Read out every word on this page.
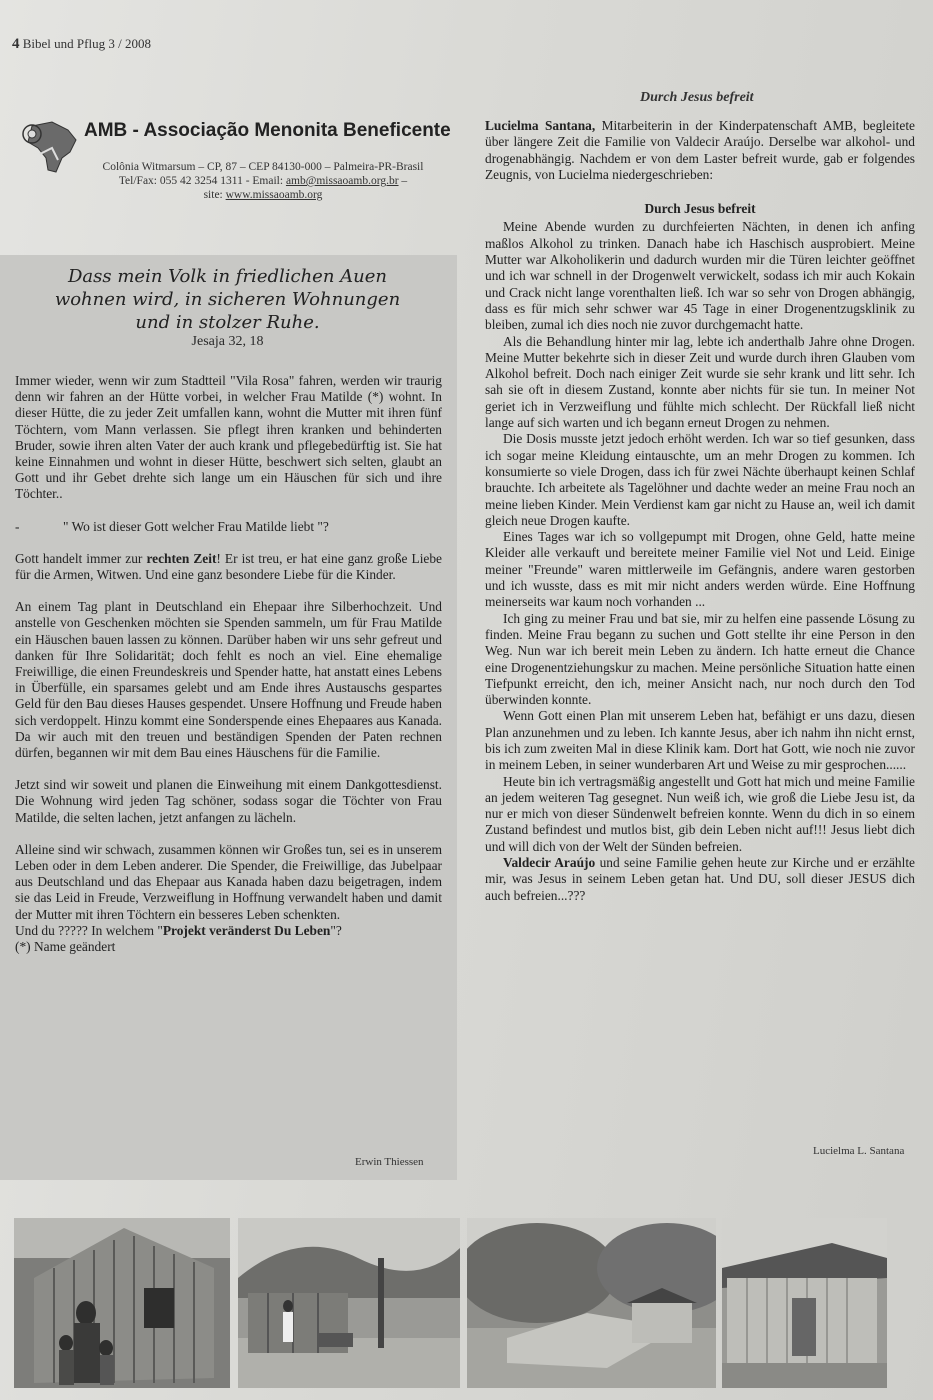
4 Bibel und Pflug 3 / 2008
AMB - Associação Menonita Beneficente
Colônia Witmarsum – CP, 87 – CEP 84130-000 – Palmeira-PR-Brasil
Tel/Fax: 055 42 3254 1311 - Email: amb@missaoamb.org.br –
site: www.missaoamb.org
Dass mein Volk in friedlichen Auen
wohnen wird, in sicheren Wohnungen
und in stolzer Ruhe.
Jesaja 32, 18

Immer wieder, wenn wir zum Stadtteil "Vila Rosa" fahren, werden wir traurig denn wir fahren an der Hütte vorbei, in welcher Frau Matilde (*) wohnt. In dieser Hütte, die zu jeder Zeit umfallen kann, wohnt die Mutter mit ihren fünf Töchtern, vom Mann verlassen. Sie pflegt ihren kranken und behinderten Bruder, sowie ihren alten Vater der auch krank und pflegebedürftig ist. Sie hat keine Einnahmen und wohnt in dieser Hütte, beschwert sich selten, glaubt an Gott und ihr Gebet drehte sich lange um ein Häuschen für sich und ihre Töchter..

-	" Wo ist dieser Gott welcher Frau Matilde liebt "?

Gott handelt immer zur rechten Zeit! Er ist treu, er hat eine ganz große Liebe für die Armen, Witwen. Und eine ganz besondere Liebe für die Kinder.

An einem Tag plant in Deutschland ein Ehepaar ihre Silberhochzeit. Und anstelle von Geschenken möchten sie Spenden sammeln, um für Frau Matilde ein Häuschen bauen lassen zu können. Darüber haben wir uns sehr gefreut und danken für Ihre Solidarität; doch fehlt es noch an viel. Eine ehemalige Freiwillige, die einen Freundeskreis und Spender hatte, hat anstatt eines Lebens in Überfülle, ein sparsames gelebt und am Ende ihres Austauschs gespartes Geld für den Bau dieses Hauses gespendet. Unsere Hoffnung und Freude haben sich verdoppelt. Hinzu kommt eine Sonderspende eines Ehepaares aus Kanada. Da wir auch mit den treuen und beständigen Spenden der Paten rechnen dürfen, begannen wir mit dem Bau eines Häuschens für die Familie.

Jetzt sind wir soweit und planen die Einweihung mit einem Dankgottesdienst. Die Wohnung wird jeden Tag schöner, sodass sogar die Töchter von Frau Matilde, die selten lachen, jetzt anfangen zu lächeln.

Alleine sind wir schwach, zusammen können wir Großes tun, sei es in unserem Leben oder in dem Leben anderer. Die Spender, die Freiwillige, das Jubelpaar aus Deutschland und das Ehepaar aus Kanada haben dazu beigetragen, indem sie das Leid in Freude, Verzweiflung in Hoffnung verwandelt haben und damit der Mutter mit ihren Töchtern ein besseres Leben schenkten.

Und du ????? In welchem "Projekt veränderst Du Leben"?

(*) Name geändert

Erwin Thiessen
Durch Jesus befreit

Lucielma Santana, Mitarbeiterin in der Kinderpatenschaft AMB, begleitete über längere Zeit die Familie von Valdecir Araújo. Derselbe war alkohol- und drogenabhängig. Nachdem er von dem Laster befreit wurde, gab er folgendes Zeugnis, von Lucielma niedergeschrieben:

Durch Jesus befreit

Meine Abende wurden zu durchfeierten Nächten, in denen ich anfing maßlos Alkohol zu trinken. Danach habe ich Haschisch ausprobiert. Meine Mutter war Alkoholikerin und dadurch wurden mir die Türen leichter geöffnet und ich war schnell in der Drogenwelt verwickelt, sodass ich mir auch Kokain und Crack nicht lange vorenthalten ließ. Ich war so sehr von Drogen abhängig, dass es für mich sehr schwer war 45 Tage in einer Drogenentzugsklinik zu bleiben, zumal ich dies noch nie zuvor durchgemacht hatte.

Als die Behandlung hinter mir lag, lebte ich anderthalb Jahre ohne Drogen. Meine Mutter bekehrte sich in dieser Zeit und wurde durch ihren Glauben vom Alkohol befreit. Doch nach einiger Zeit wurde sie sehr krank und litt sehr. Ich sah sie oft in diesem Zustand, konnte aber nichts für sie tun. In meiner Not geriet ich in Verzweiflung und fühlte mich schlecht. Der Rückfall ließ nicht lange auf sich warten und ich begann erneut Drogen zu nehmen.

Die Dosis musste jetzt jedoch erhöht werden. Ich war so tief gesunken, dass ich sogar meine Kleidung eintauschte, um an mehr Drogen zu kommen. Ich konsumierte so viele Drogen, dass ich für zwei Nächte überhaupt keinen Schlaf brauchte. Ich arbeitete als Tagelöhner und dachte weder an meine Frau noch an meine lieben Kinder. Mein Verdienst kam gar nicht zu Hause an, weil ich damit gleich neue Drogen kaufte.

Eines Tages war ich so vollgepumpt mit Drogen, ohne Geld, hatte meine Kleider alle verkauft und bereitete meiner Familie viel Not und Leid. Einige meiner "Freunde" waren mittlerweile im Gefängnis, andere waren gestorben und ich wusste, dass es mit mir nicht anders werden würde. Eine Hoffnung meinerseits war kaum noch vorhanden ...

Ich ging zu meiner Frau und bat sie, mir zu helfen eine passende Lösung zu finden. Meine Frau begann zu suchen und Gott stellte ihr eine Person in den Weg. Nun war ich bereit mein Leben zu ändern. Ich hatte erneut die Chance eine Drogenentziehungskur zu machen. Meine persönliche Situation hatte einen Tiefpunkt erreicht, den ich, meiner Ansicht nach, nur noch durch den Tod überwinden konnte.

Wenn Gott einen Plan mit unserem Leben hat, befähigt er uns dazu, diesen Plan anzunehmen und zu leben. Ich kannte Jesus, aber ich nahm ihn nicht ernst, bis ich zum zweiten Mal in diese Klinik kam. Dort hat Gott, wie noch nie zuvor in meinem Leben, in seiner wunderbaren Art und Weise zu mir gesprochen......

Heute bin ich vertragsmäßig angestellt und Gott hat mich und meine Familie an jedem weiteren Tag gesegnet. Nun weiß ich, wie groß die Liebe Jesu ist, da nur er mich von dieser Sündenwelt befreien konnte. Wenn du dich in so einem Zustand befindest und mutlos bist, gib dein Leben nicht auf!!! Jesus liebt dich und will dich von der Welt der Sünden befreien.

Valdecir Araújo und seine Familie gehen heute zur Kirche und er erzählte mir, was Jesus in seinem Leben getan hat. Und DU, soll dieser JESUS dich auch befreien...???

Lucielma L. Santana
